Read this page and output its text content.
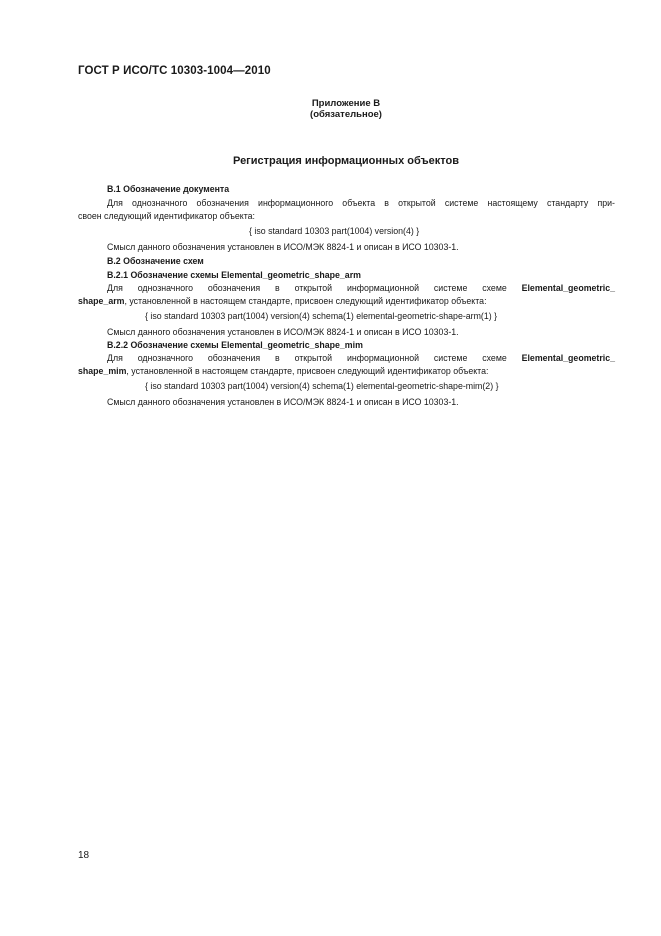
ГОСТ Р ИСО/ТС 10303-1004—2010
Приложение В
(обязательное)
Регистрация информационных объектов
В.1 Обозначение документа
Для однозначного обозначения информационного объекта в открытой системе настоящему стандарту при-
своен следующий идентификатор объекта:
{ iso standard 10303 part(1004) version(4) }
Смысл данного обозначения установлен в ИСО/МЭК 8824-1 и описан в ИСО 10303-1.
В.2 Обозначение схем
В.2.1 Обозначение схемы Elemental_geometric_shape_arm
Для однозначного обозначения в открытой информационной системе схеме Elemental_geometric_
shape_arm, установленной в настоящем стандарте, присвоен следующий идентификатор объекта:
{ iso standard 10303 part(1004) version(4) schema(1) elemental-geometric-shape-arm(1) }
Смысл данного обозначения установлен в ИСО/МЭК 8824-1 и описан в ИСО 10303-1.
В.2.2 Обозначение схемы Elemental_geometric_shape_mim
Для однозначного обозначения в открытой информационной системе схеме Elemental_geometric_
shape_mim, установленной в настоящем стандарте, присвоен следующий идентификатор объекта:
{ iso standard 10303 part(1004) version(4) schema(1) elemental-geometric-shape-mim(2) }
Смысл данного обозначения установлен в ИСО/МЭК 8824-1 и описан в ИСО 10303-1.
18
